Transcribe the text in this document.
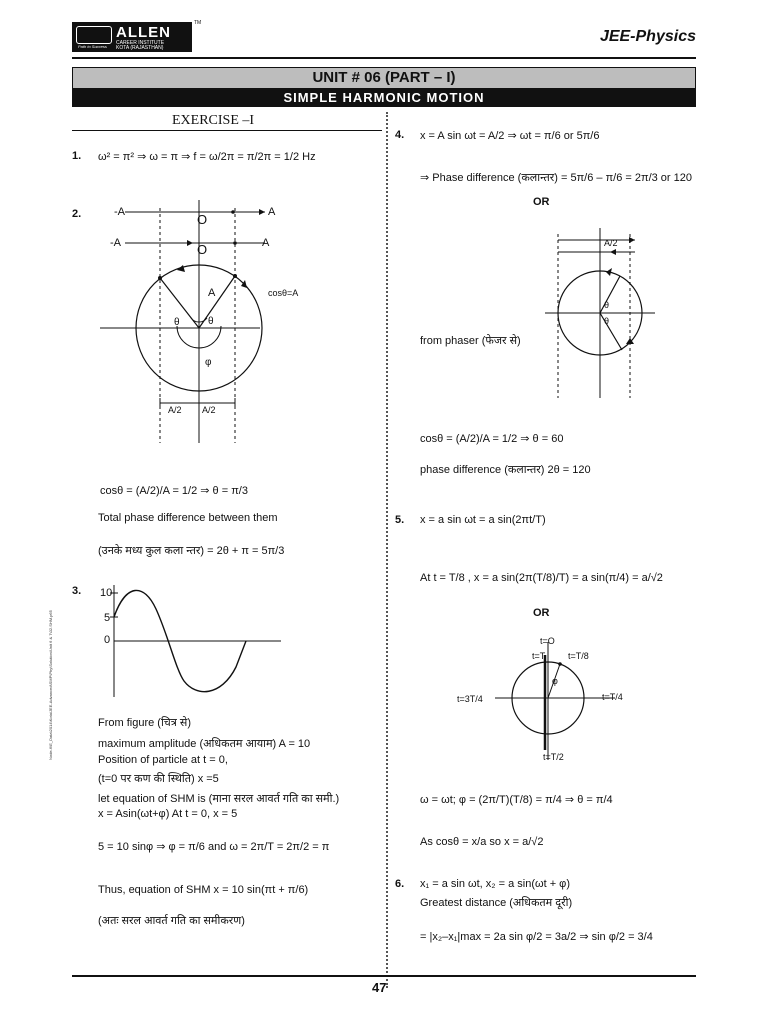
ALLEN
CAREER INSTITUTE
KOTA (RAJASTHAN)
Path to Success
TM
JEE-Physics
UNIT # 06 (PART – I)
SIMPLE HARMONIC MOTION
EXERCISE –I
1. ω² = π² ⇒ ω = π ⇒ f = ω/2π = π/2π = 1/2 Hz
2.	-A	O	A
-A	O	A
A	cosθ=A
θ	θ
φ
A/2 A/2
cosθ = (A/2)/A = 1/2 ⇒ θ = π/3
Total phase difference between them
(उनके मध्य कुल कला न्तर) = 2θ + π = 5π/3
3. 10
5
0
From figure (चित्र से)
maximum amplitude (अधिकतम आयाम) A = 10
Position of particle at t = 0,
(t=0 पर कण की स्थिति) x =5
let equation of SHM is (माना सरल आवर्त गति का समी.)
x = Asin(ωt+φ) At t = 0, x = 5
5 = 10 sinφ ⇒ φ = π/6 and ω = 2π/T = 2π/2 = π
Thus, equation of SHM x = 10 sin(πt + π/6)
(अतः सरल आवर्त गति का समीकरण)
4. x = A sin ωt = A/2 ⇒ ωt = π/6 or 5π/6
⇒ Phase difference (कलान्तर) = 5π/6 – π/6 = 2π/3 or 120
OR
A/2
θ
θ
from phaser (फेजर से)
cosθ = (A/2)/A = 1/2 ⇒ θ = 60
phase difference (कलान्तर) 2θ = 120
5. x = a sin ωt = a sin(2πt/T)
At t = T/8 , x = a sin(2π(T/8)/T) = a sin(π/4) = a/√2
OR
t=O
t=T	t=T/8
t=3T/4	t=T/4
t=T/2
φ
ω = ωt; φ = (2π/T)(T/8) = π/4 ⇒ θ = π/4
As cosθ = x/a so x = a/√2
6. x₁ = a sin ωt, x₂ = a sin(ωt + φ)
Greatest distance (अधिकतम दूरी)
= |x₂–x₁|max = 2a sin φ/2 = 3a/2 ⇒ sin φ/2 = 3/4
47
Node-6\E_Data\2014\Kota\JEE-Advanced\SMP\Phy\Solution\Unit 6 & 7\02.SHM.p65
